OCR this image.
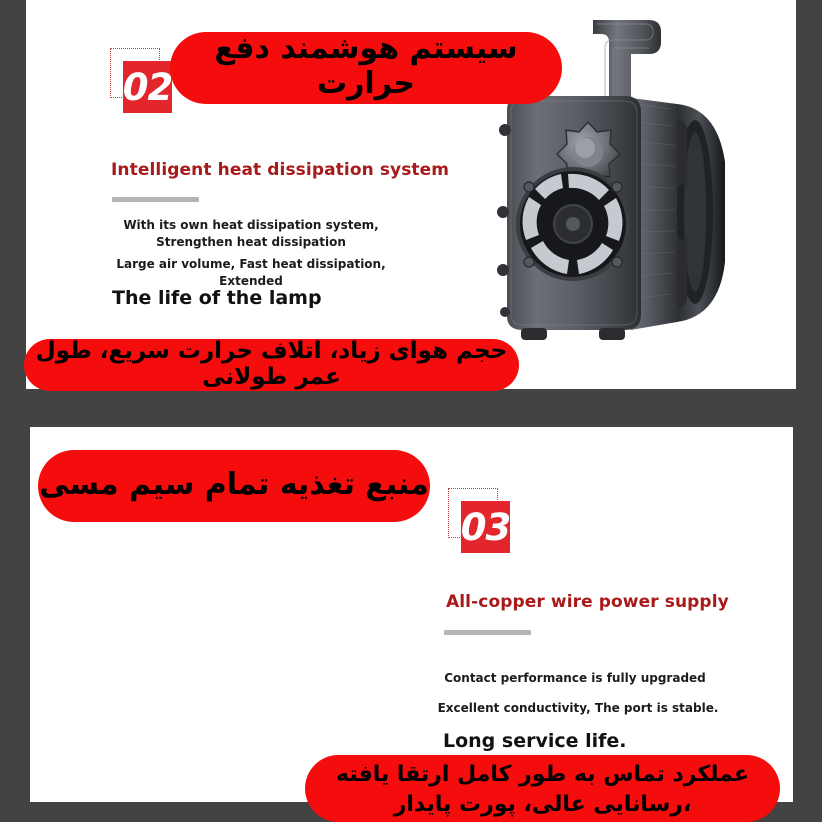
02
Intelligent heat dissipation system
With its own heat dissipation system, Strengthen heat dissipation
Large air volume, Fast heat dissipation, Extended
The life of the lamp
سیستم هوشمند دفع حرارت
حجم هوای زیاد، اتلاف حرارت سریع، طول عمر طولانی
03
All-copper wire power supply
Contact performance is fully upgraded
Excellent conductivity, The port is stable.
Long service life.
منبع تغذیه تمام سیم مسی
عملکرد تماس به طور کامل ارتقا یافته
،رسانایی عالی، پورت پایدار
